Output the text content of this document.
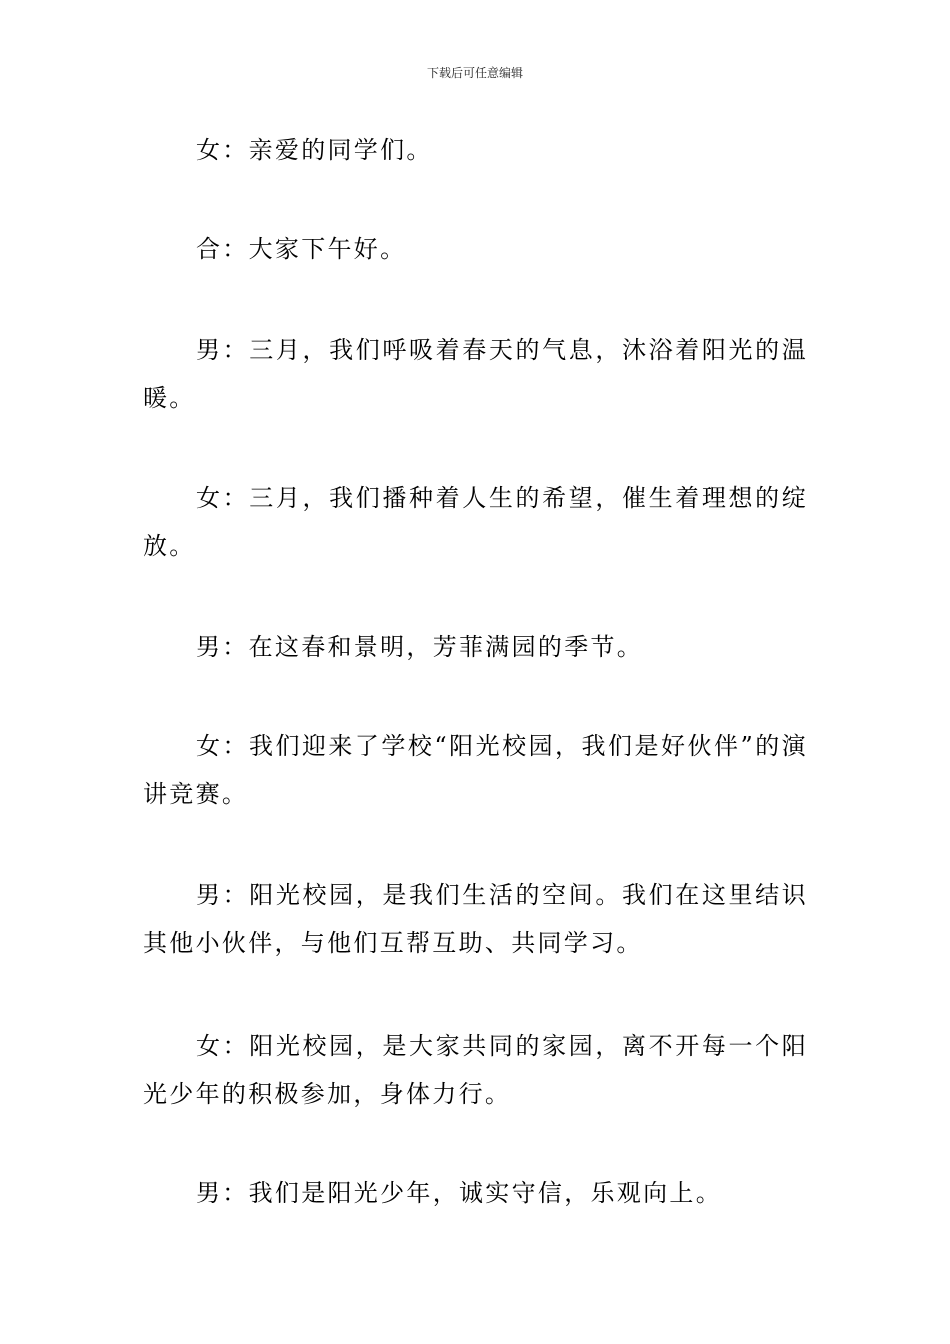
下载后可任意编辑

女：亲爱的同学们。

合：大家下午好。

男：三月，我们呼吸着春天的气息，沐浴着阳光的温暖。

女：三月，我们播种着人生的希望，催生着理想的绽放。

男：在这春和景明，芳菲满园的季节。

女：我们迎来了学校“阳光校园，我们是好伙伴”的演讲竞赛。

男：阳光校园，是我们生活的空间。我们在这里结识其他小伙伴，与他们互帮互助、共同学习。

女：阳光校园，是大家共同的家园，离不开每一个阳光少年的积极参加，身体力行。

男：我们是阳光少年，诚实守信，乐观向上。
